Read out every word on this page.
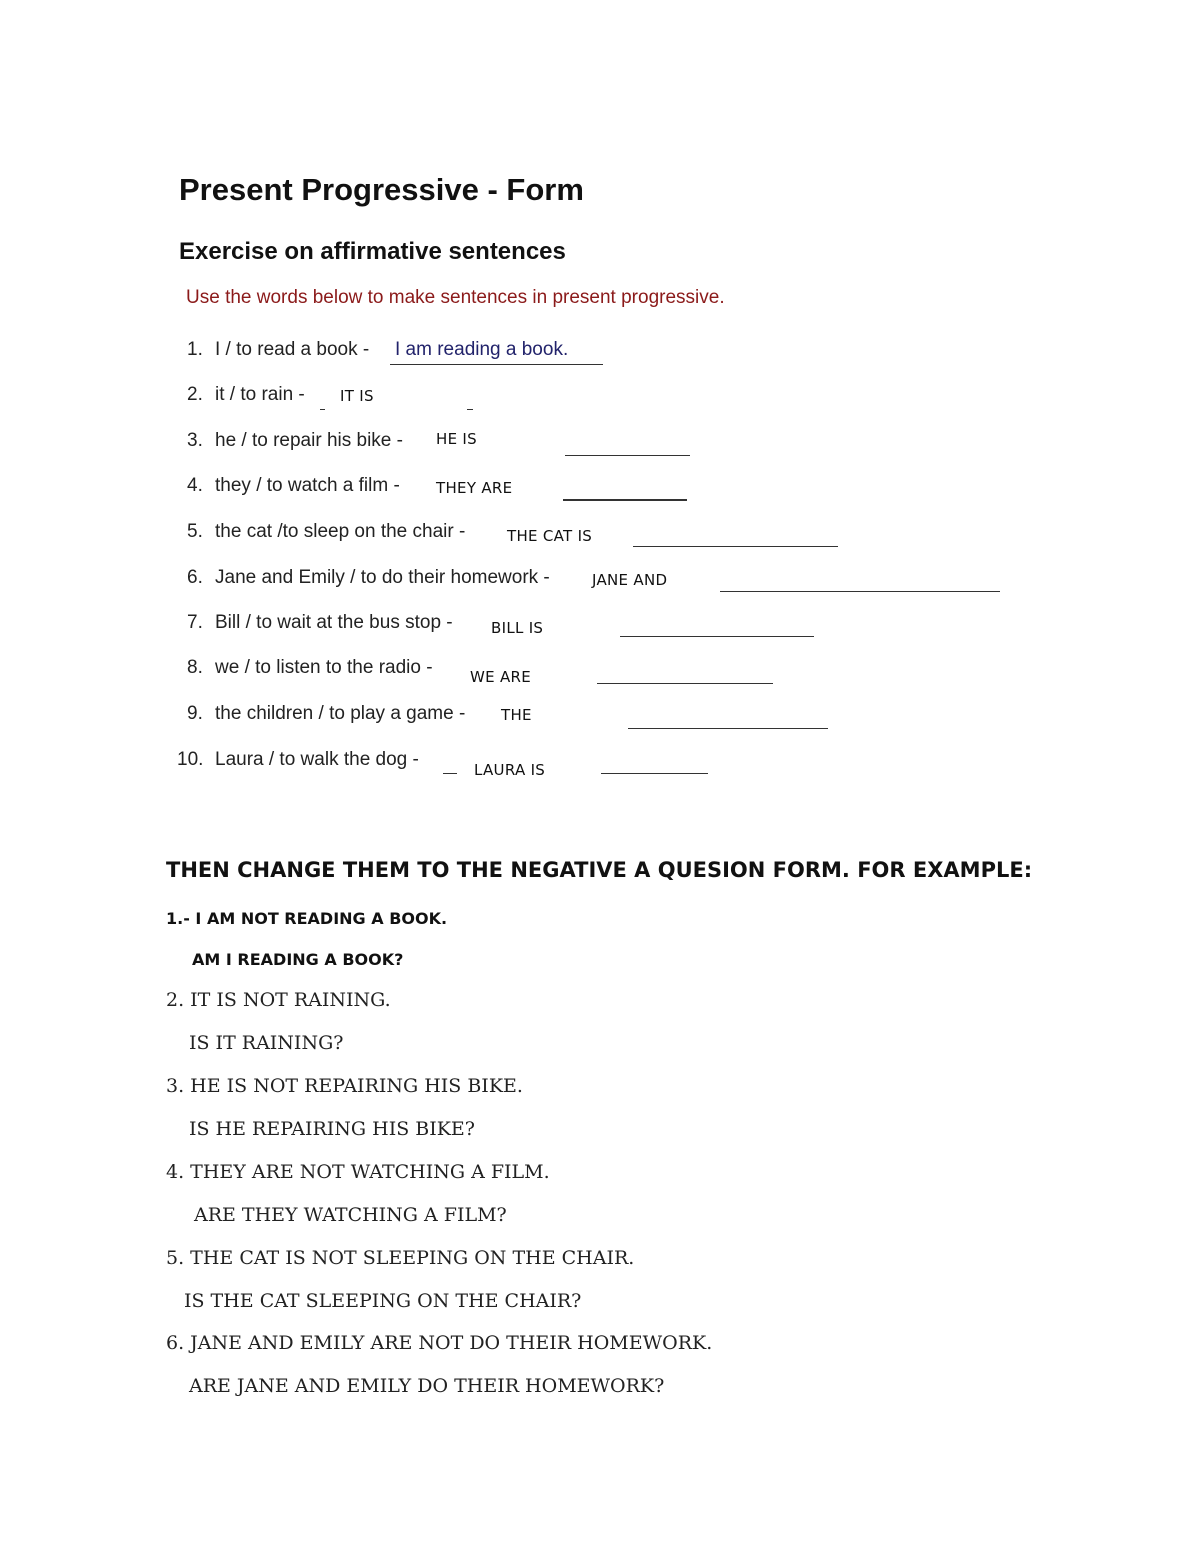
Present Progressive - Form
Exercise on affirmative sentences
Use the words below to make sentences in present progressive.
1. I / to read a book - I am reading a book.
2. it / to rain - IT IS
3. he / to repair his bike - HE IS
4. they / to watch a film - THEY ARE
5. the cat /to sleep on the chair -	THE CAT IS
6. Jane and Emily / to do their homework -	JANE AND
7. Bill / to wait at the bus stop -	BILL IS
8. we / to listen to the radio - WE ARE
9. the children / to play a game - THE
10. Laura / to walk the dog -	LAURA IS
THEN CHANGE THEM TO THE NEGATIVE A QUESION FORM. FOR EXAMPLE:
1.- I AM NOT READING A BOOK.
AM I READING A BOOK?
2. IT IS NOT RAINING.
IS IT RAINING?
3. HE IS NOT REPAIRING HIS BIKE.
IS HE REPAIRING HIS BIKE?
4. THEY ARE NOT WATCHING A FILM.
ARE THEY WATCHING A FILM?
5. THE CAT IS NOT SLEEPING ON THE CHAIR.
IS THE CAT SLEEPING ON THE CHAIR?
6. JANE AND EMILY ARE NOT DO THEIR HOMEWORK.
ARE JANE AND EMILY DO THEIR HOMEWORK?
